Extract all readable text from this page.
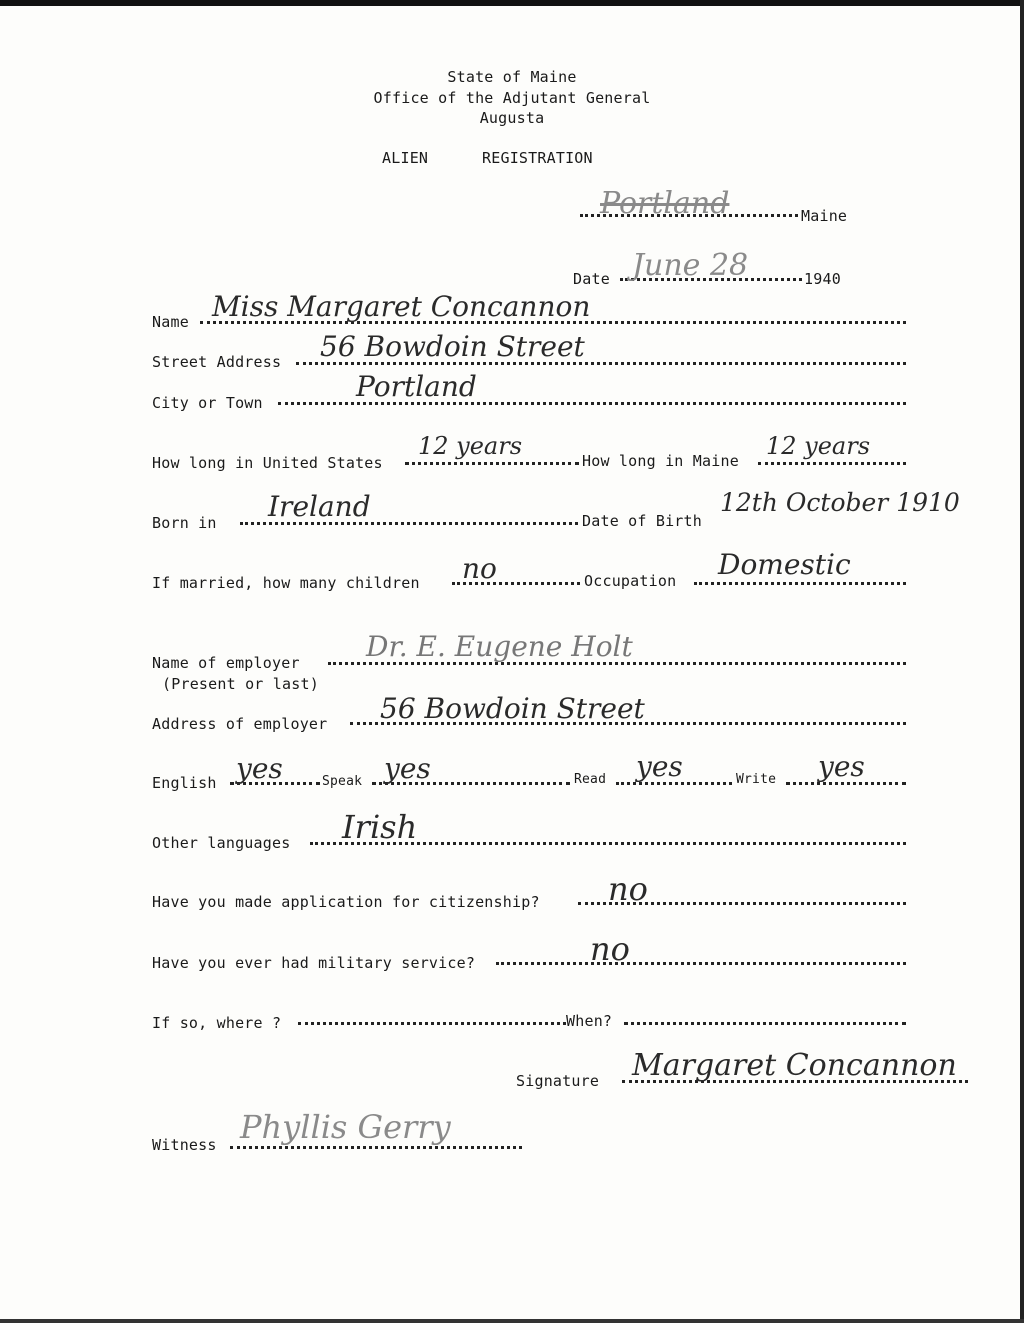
State of Maine
Office of the Adjutant General
Augusta
ALIEN	REGISTRATION
Portland	Maine
Date June 28	1940
Name Miss Margaret Concannon
Street Address 56 Bowdoin Street
City or Town	Portland
How long in United States
12 years
How long in Maine
12 years
Born in Ireland	Date of Birth
12th October 1910
If married, how many children no	Occupation Domestic
Name of employer
(Present or last)
Dr. E. Eugene Holt
Address of employer 56 Bowdoin Street
English yes	Speak yes	Read yes	Write yes
Other languages Irish
Have you made application for citizenship? no
Have you ever had military service?	no
If so, where ?	When?
Signature Margaret Concannon
Witness Phyllis Gerry
